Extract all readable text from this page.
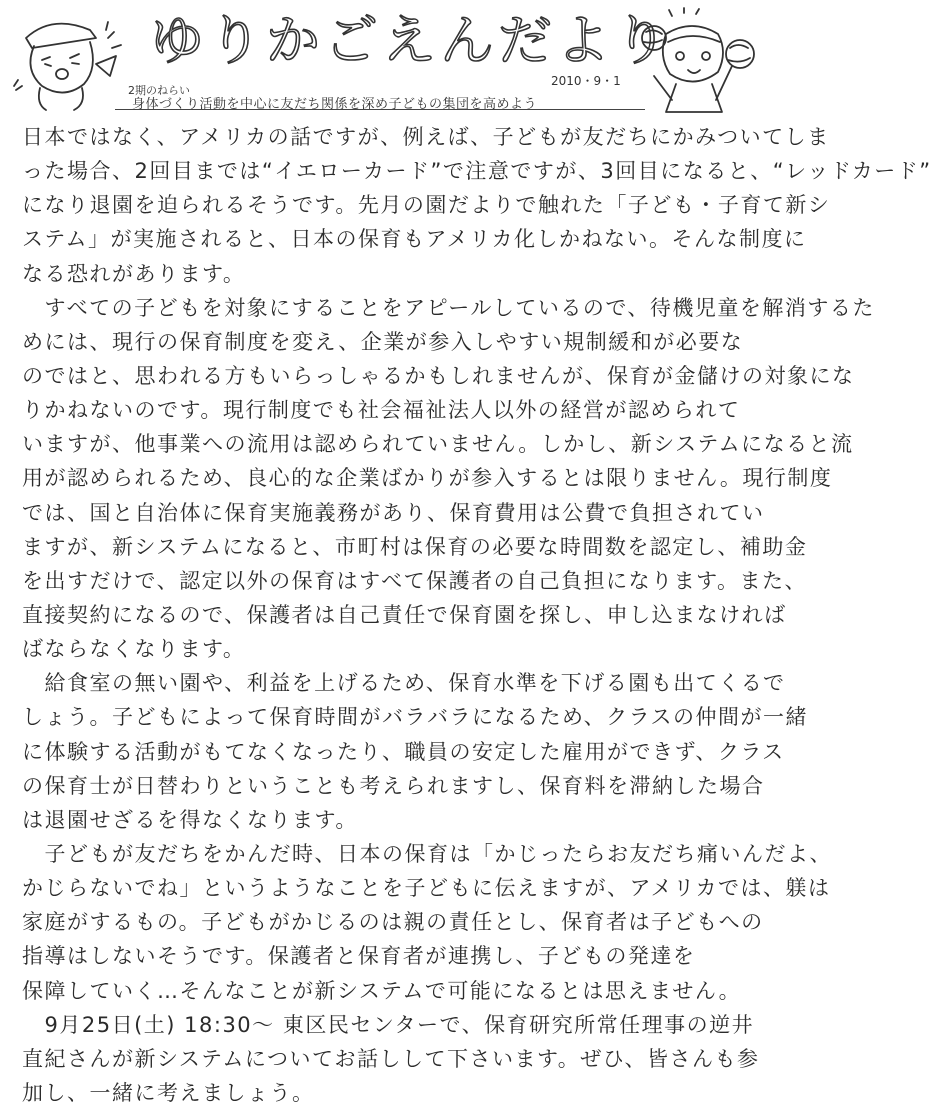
ゆりかごえんだより
2010・9・1
2期のねらい
身体づくり活動を中心に友だち関係を深め子どもの集団を高めよう
日本ではなく、アメリカの話ですが、例えば、子どもが友だちにかみついてしま
った場合、2回目までは“イエローカード”で注意ですが、3回目になると、“レッドカード”
になり退園を迫られるそうです。先月の園だよりで触れた「子ども・子育て新シ
ステム」が実施されると、日本の保育もアメリカ化しかねない。そんな制度に
なる恐れがあります。
　すべての子どもを対象にすることをアピールしているので、待機児童を解消するた
めには、現行の保育制度を変え、企業が参入しやすい規制緩和が必要な
のではと、思われる方もいらっしゃるかもしれませんが、保育が金儲けの対象にな
りかねないのです。現行制度でも社会福祉法人以外の経営が認められて
いますが、他事業への流用は認められていません。しかし、新システムになると流
用が認められるため、良心的な企業ばかりが参入するとは限りません。現行制度
では、国と自治体に保育実施義務があり、保育費用は公費で負担されてい
ますが、新システムになると、市町村は保育の必要な時間数を認定し、補助金
を出すだけで、認定以外の保育はすべて保護者の自己負担になります。また、
直接契約になるので、保護者は自己責任で保育園を探し、申し込まなければ
ばならなくなります。
　給食室の無い園や、利益を上げるため、保育水準を下げる園も出てくるで
しょう。子どもによって保育時間がバラバラになるため、クラスの仲間が一緒
に体験する活動がもてなくなったり、職員の安定した雇用ができず、クラス
の保育士が日替わりということも考えられますし、保育料を滞納した場合
は退園せざるを得なくなります。
　子どもが友だちをかんだ時、日本の保育は「かじったらお友だち痛いんだよ、
かじらないでね」というようなことを子どもに伝えますが、アメリカでは、躾は
家庭がするもの。子どもがかじるのは親の責任とし、保育者は子どもへの
指導はしないそうです。保護者と保育者が連携し、子どもの発達を
保障していく…そんなことが新システムで可能になるとは思えません。
　9月25日(土) 18:30～ 東区民センターで、保育研究所常任理事の逆井
直紀さんが新システムについてお話しして下さいます。ぜひ、皆さんも参
加し、一緒に考えましょう。
